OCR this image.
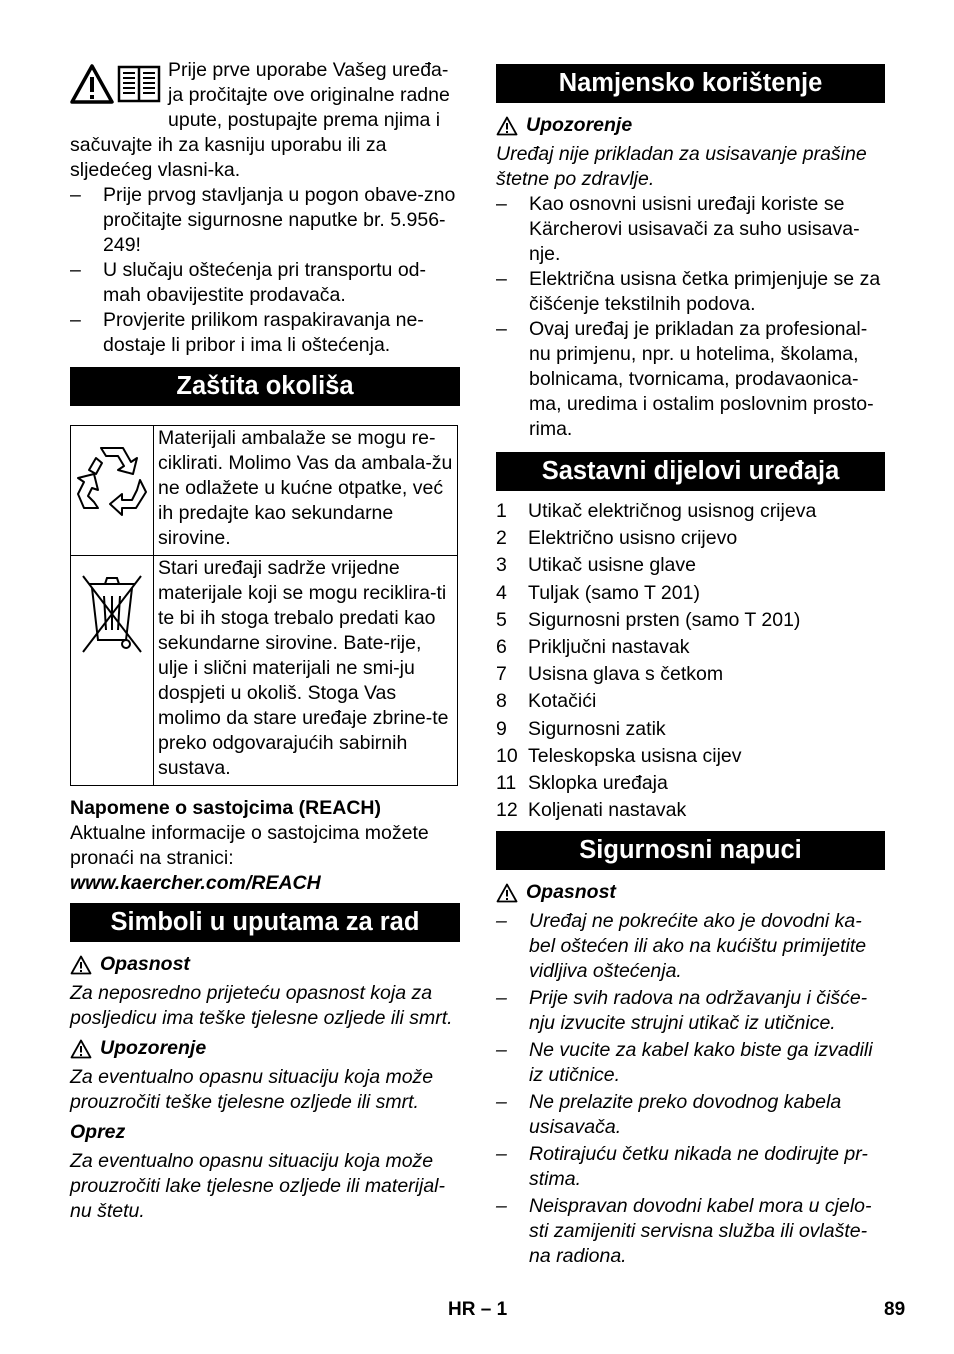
Prije prve uporabe Vašeg uređa-ja pročitajte ove originalne radne upute, postupajte prema njima i sačuvajte ih za kasniju uporabu ili za sljedećeg vlasni-ka.

– Prije prvog stavljanja u pogon obave-zno pročitajte sigurnosne naputke br. 5.956-249!
– U slučaju oštećenja pri transportu od-mah obavijestite prodavača.
– Provjerite prilikom raspakiravanja ne-dostaje li pribor i ima li oštećenja.
Zaštita okoliša
	Materijali ambalaže se mogu re-ciklirati. Molimo Vas da ambala-žu ne odlažete u kućne otpatke, već ih predajte kao sekundarne sirovine.
	Stari uređaji sadrže vrijedne materijale koji se mogu reciklira-ti te bi ih stoga trebalo predati kao sekundarne sirovine. Bate-rije, ulje i slični materijali ne smi-ju dospjeti u okoliš. Stoga Vas molimo da stare uređaje zbrine-te preko odgovarajućih sabirnih sustava.

Napomene o sastojcima (REACH)

Aktualne informacije o sastojcima možete pronaći na stranici:

www.kaercher.com/REACH

Simboli u uputama za rad

Opasnost

Za neposredno prijeteću opasnost koja za posljedicu ima teške tjelesne ozljede ili smrt.

Upozorenje

Za eventualno opasnu situaciju koja može prouzročiti teške tjelesne ozljede ili smrt.

Oprez

Za eventualno opasnu situaciju koja može prouzročiti lake tjelesne ozljede ili materijal-nu štetu.

Namjensko korištenje

Upozorenje

Uređaj nije prikladan za usisavanje prašine štetne po zdravlje.

– Kao osnovni usisni uređaji koriste se Kärcherovi usisavači za suho usisava-nje.
– Električna usisna četka primjenjuje se za čišćenje tekstilnih podova.
– Ovaj uređaj je prikladan za profesional-nu primjenu, npr. u hotelima, školama, bolnicama, tvornicama, prodavaonica-ma, uredima i ostalim poslovnim prosto-rima.
Sastavni dijelovi uređaja
1	Utikač električnog usisnog crijeva
2	Električno usisno crijevo
3	Utikač usisne glave
4	Tuljak (samo T 201)
5	Sigurnosni prsten (samo T 201)
6	Priključni nastavak
7	Usisna glava s četkom
8	Kotačići
9	Sigurnosni zatik
10 Teleskopska usisna cijev
11 Sklopka uređaja
12 Koljenati nastavak
Sigurnosni napuci

Opasnost

– Uređaj ne pokrećite ako je dovodni ka-bel oštećen ili ako na kućištu primijetite vidljiva oštećenja.
– Prije svih radova na održavanju i čišće-nju izvucite strujni utikač iz utičnice.
– Ne vucite za kabel kako biste ga izvadili iz utičnice.
– Ne prelazite preko dovodnog kabela usisavača.
– Rotirajuću četku nikada ne dodirujte pr-stima.
– Neispravan dovodni kabel mora u cjelo-sti zamijeniti servisna služba ili ovlašte-na radiona.
HR – 1	89
